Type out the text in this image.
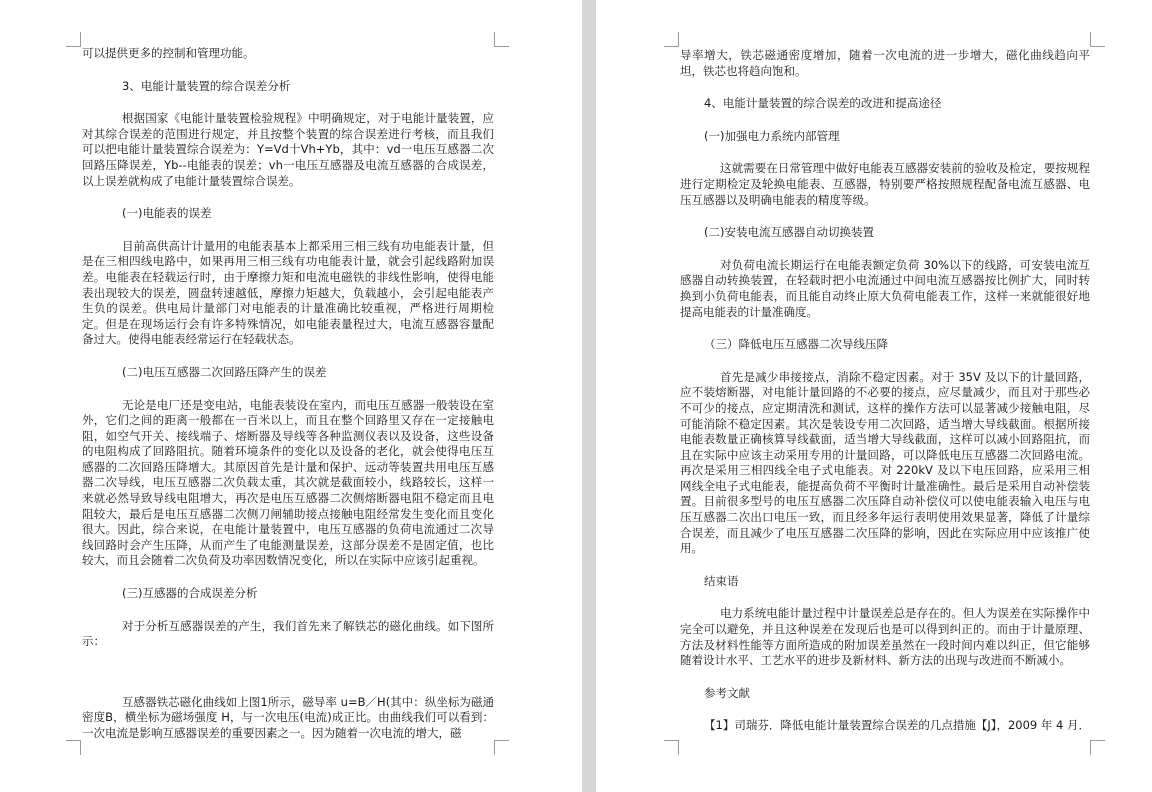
可以提供更多的控制和管理功能。

3、电能计量装置的综合误差分析

根据国家《电能计量装置检验规程》中明确规定，对于电能计量装置，应对其综合误差的范围进行规定，并且按整个装置的综合误差进行考核，而且我们可以把电能计量装置综合误差为：Y=Vd十Vh+Yb，其中：vd一电压互感器二次回路压降误差，Yb--电能表的误差；vh一电压互感器及电流互感器的合成误差，以上误差就构成了电能计量装置综合误差。

(一)电能表的误差

目前高供高计计量用的电能表基本上都采用三相三线有功电能表计量，但是在三相四线电路中，如果再用三相三线有功电能表计量，就会引起线路附加误差。电能表在轻载运行时，由于摩擦力矩和电流电磁铁的非线性影响，使得电能表出现较大的误差，圆盘转速越低，摩擦力矩越大，负载越小，会引起电能表产生负的误差。供电局计量部门对电能表的计量准确比较重视，严格进行周期检定。但是在现场运行会有许多特殊情况，如电能表量程过大，电流互感器容量配备过大。使得电能表经常运行在轻载状态。

(二)电压互感器二次回路压降产生的误差

无论是电厂还是变电站，电能表装设在室内，而电压互感器一般装设在室外，它们之间的距离一般都在一百米以上，而且在整个回路里又存在一定接触电阻，如空气开关、接线端子、熔断器及导线等各种监测仪表以及设备，这些设备的电阻构成了回路阻抗。随着环境条件的变化以及设备的老化，就会使得电压互感器的二次回路压降增大。其原因首先是计量和保护、远动等装置共用电压互感器二次导线，电压互感器二次负载太重，其次就是截面较小，线路较长，这样一来就必然导致导线电阻增大，再次是电压互感器二次侧熔断器电阻不稳定而且电阻较大，最后是电压互感器二次侧刀闸辅助接点接触电阻经常发生变化而且变化很大。因此，综合来说，在电能计量装置中，电压互感器的负荷电流通过二次导线回路时会产生压降，从而产生了电能测量误差，这部分误差不是固定值，也比较大，而且会随着二次负荷及功率因数情况变化，所以在实际中应该引起重视。

(三)互感器的合成误差分析

对于分析互感器误差的产生，我们首先来了解铁芯的磁化曲线。如下图所示：

互感器铁芯磁化曲线如上图1所示，磁导率 u=B／H(其中：纵坐标为磁通密度B，横坐标为磁场强度 H，与一次电压(电流)成正比。由曲线我们可以看到：一次电流是影响互感器误差的重要因素之一。因为随着一次电流的增大，磁

导率增大，铁芯磁通密度增加，随着一次电流的进一步增大，磁化曲线趋向平坦，铁芯也将趋向饱和。

4、电能计量装置的综合误差的改进和提高途径

(一)加强电力系统内部管理

这就需要在日常管理中做好电能表互感器安装前的验收及检定，要按规程进行定期检定及轮换电能表、互感器，特别要严格按照规程配备电流互感器、电压互感器以及明确电能表的精度等级。

(二)安装电流互感器自动切换装置

对负荷电流长期运行在电能表额定负荷 30%以下的线路，可安装电流互感器自动转换装置，在轻载时把小电流通过中间电流互感器按比例扩大，同时转换到小负荷电能表，而且能自动终止原大负荷电能表工作，这样一来就能很好地提高电能表的计量准确度。

（三）降低电压互感器二次导线压降

首先是减少串接接点，消除不稳定因素。对于 35V 及以下的计量回路，应不装熔断器，对电能计量回路的不必要的接点，应尽量减少，而且对于那些必不可少的接点，应定期清洗和测试，这样的操作方法可以显著减少接触电阻，尽可能消除不稳定因素。其次是装设专用二次回路，适当增大导线截面。根据所接电能表数量正确核算导线截面，适当增大导线截面，这样可以减小回路阻抗，而且在实际中应该主动采用专用的计量回路，可以降低电压互感器二次回路电流。再次是采用三相四线全电子式电能表。对 220kV 及以下电压回路，应采用三相网线全电子式电能表，能提高负荷不平衡时计量准确性。最后是采用自动补偿装置。目前很多型号的电压互感器二次压降自动补偿仪可以使电能表输入电压与电压互感器二次出口电压一致，而且经多年运行表明使用效果显著，降低了计量综合误差，而且减少了电压互感器二次压降的影响，因此在实际应用中应该推广使用。

结束语

电力系统电能计量过程中计量误差总是存在的。但人为误差在实际操作中完全可以避免，并且这种误差在发现后也是可以得到纠正的。而由于计量原理、方法及材料性能等方面所造成的附加误差虽然在一段时间内难以纠正，但它能够随着设计水平、工艺水平的进步及新材料、新方法的出现与改进而不断减小。

参考文献

【1】司瑞芬．降低电能计量装置综合误差的几点措施【J】，2009 年 4 月．
